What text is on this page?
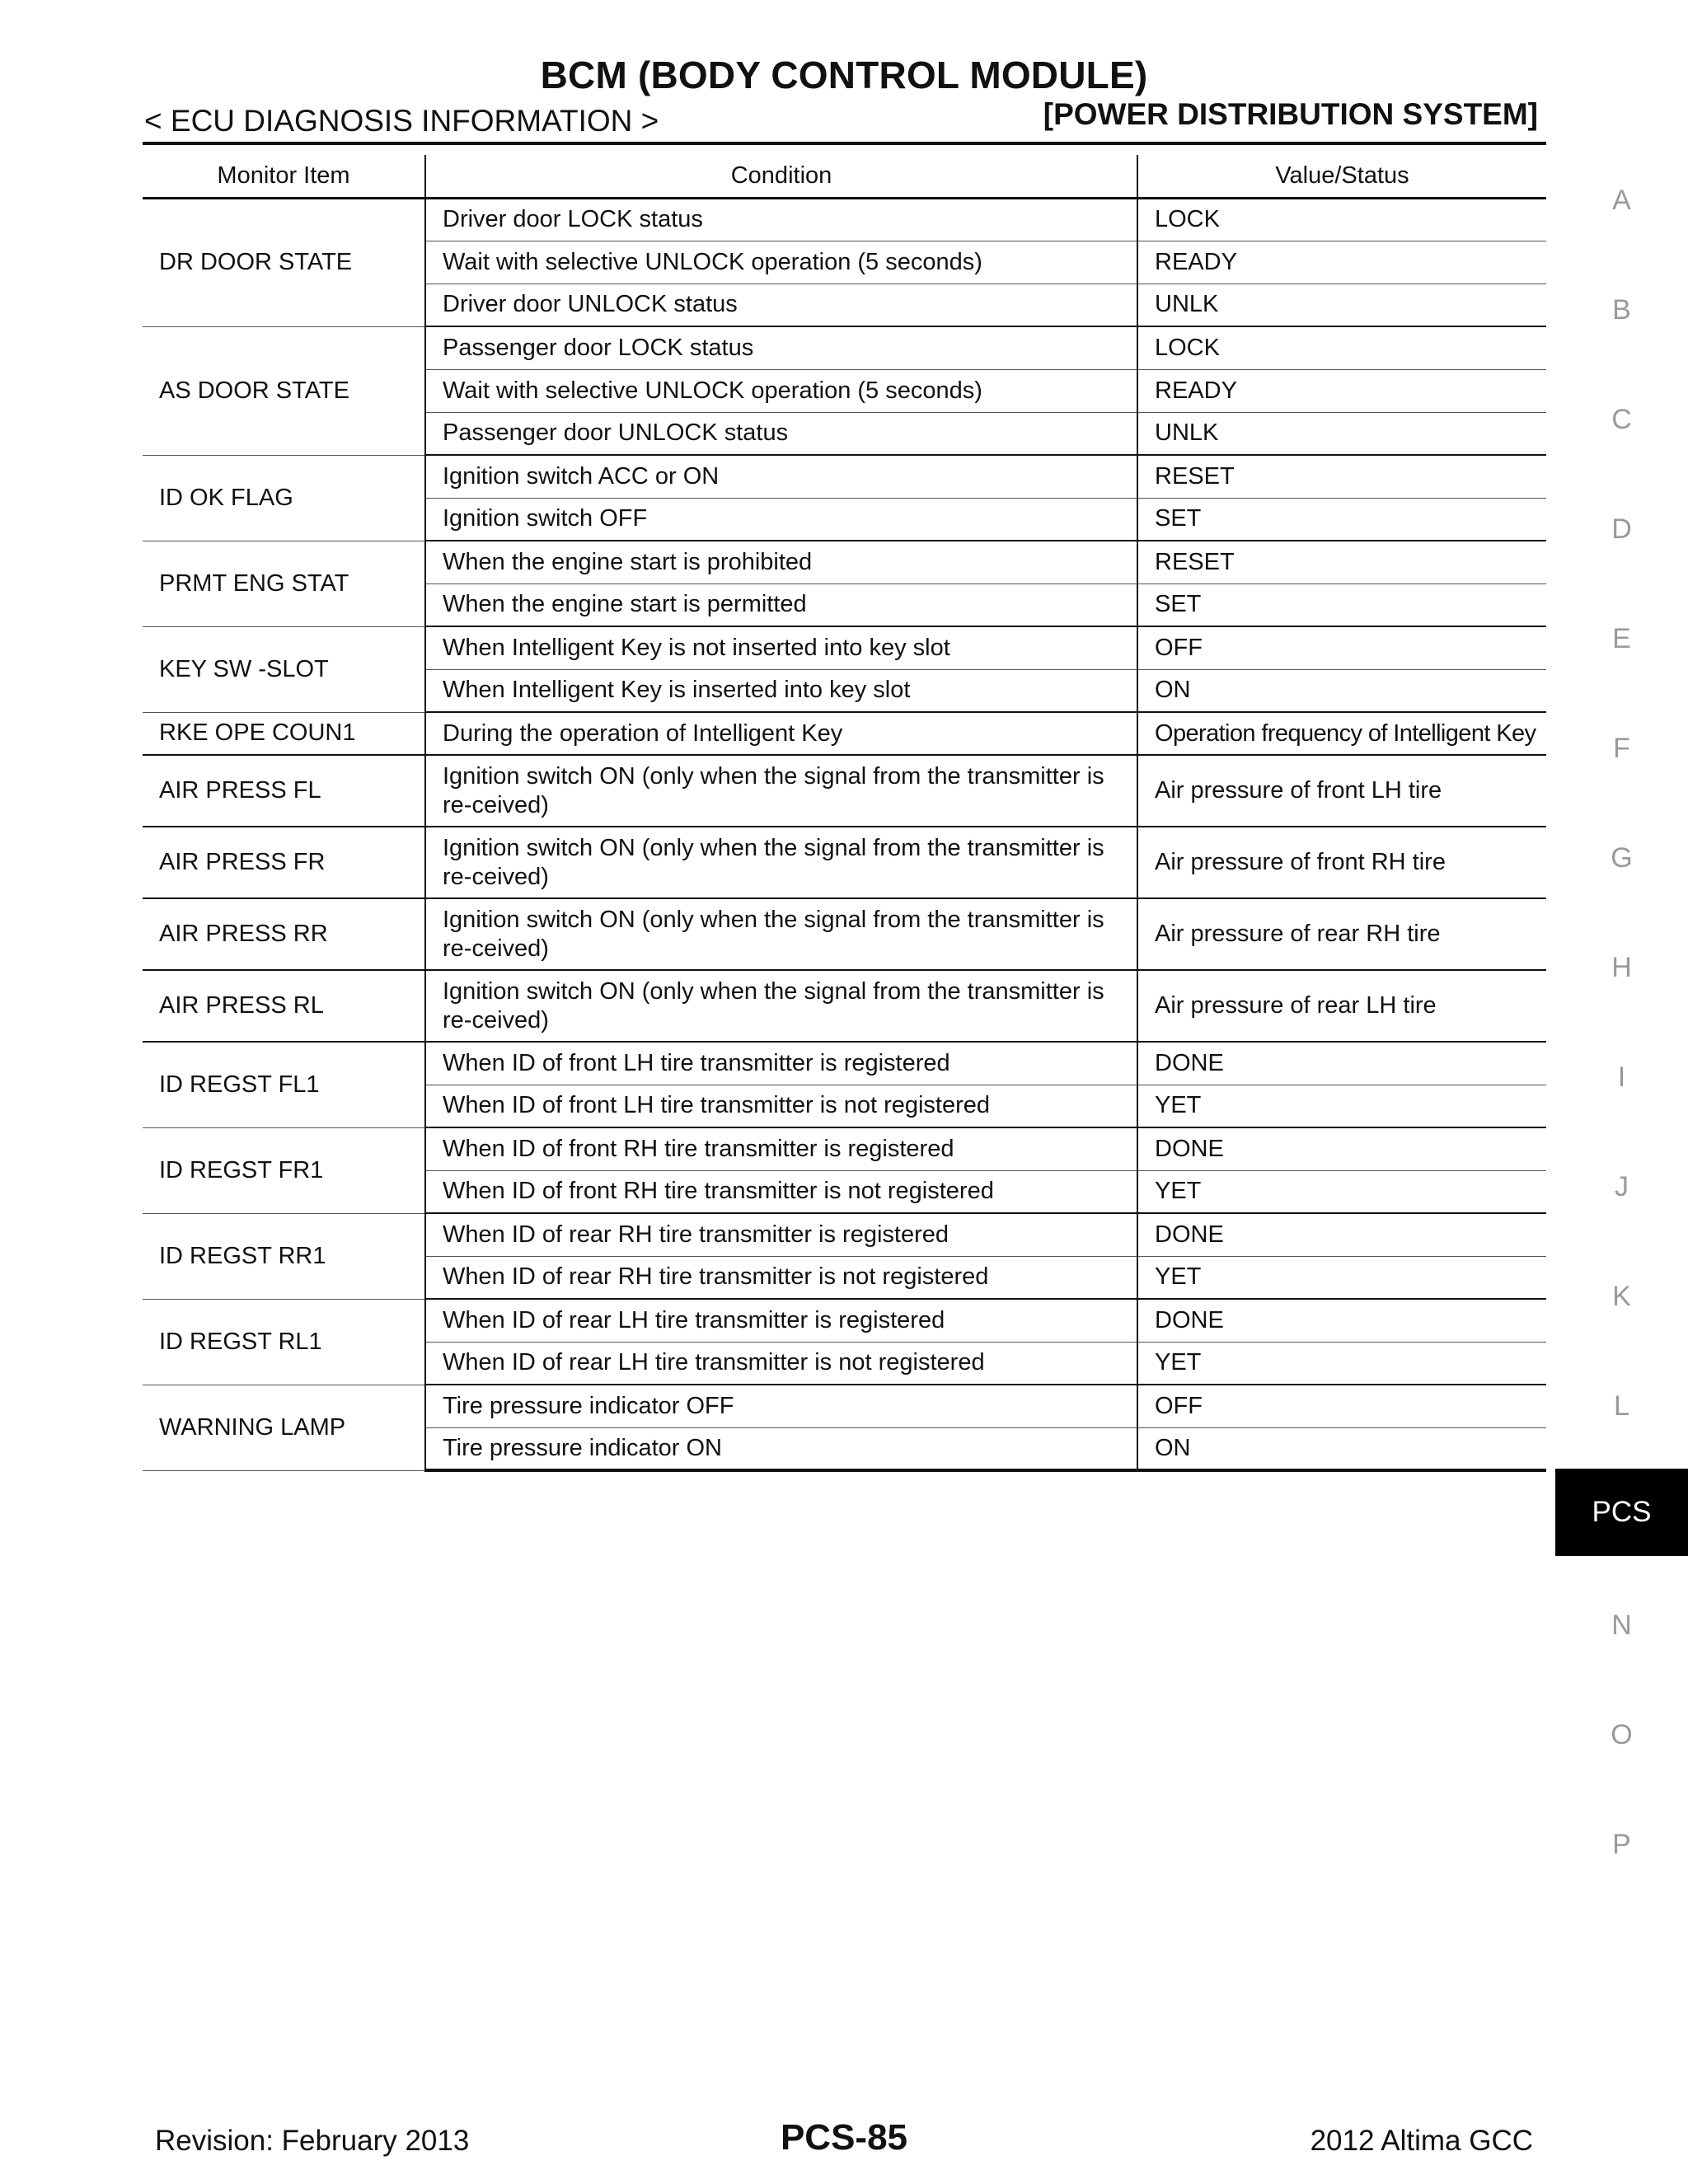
BCM (BODY CONTROL MODULE)
< ECU DIAGNOSIS INFORMATION >	[POWER DISTRIBUTION SYSTEM]
Monitor Item	Condition	Value/Status
DR DOOR STATE	Driver door LOCK status	LOCK
	Wait with selective UNLOCK operation (5 seconds)	READY
	Driver door UNLOCK status	UNLK
AS DOOR STATE	Passenger door LOCK status	LOCK
	Wait with selective UNLOCK operation (5 seconds)	READY
	Passenger door UNLOCK status	UNLK
ID OK FLAG	Ignition switch ACC or ON	RESET
	Ignition switch OFF	SET
PRMT ENG STAT	When the engine start is prohibited	RESET
	When the engine start is permitted	SET
KEY SW -SLOT	When Intelligent Key is not inserted into key slot	OFF
	When Intelligent Key is inserted into key slot	ON
RKE OPE COUN1	During the operation of Intelligent Key	Operation frequency of Intelligent Key
AIR PRESS FL	Ignition switch ON (only when the signal from the transmitter is re-ceived)	Air pressure of front LH tire
AIR PRESS FR	Ignition switch ON (only when the signal from the transmitter is re-ceived)	Air pressure of front RH tire
AIR PRESS RR	Ignition switch ON (only when the signal from the transmitter is re-ceived)	Air pressure of rear RH tire
AIR PRESS RL	Ignition switch ON (only when the signal from the transmitter is re-ceived)	Air pressure of rear LH tire
ID REGST FL1	When ID of front LH tire transmitter is registered	DONE
	When ID of front LH tire transmitter is not registered	YET
ID REGST FR1	When ID of front RH tire transmitter is registered	DONE
	When ID of front RH tire transmitter is not registered	YET
ID REGST RR1	When ID of rear RH tire transmitter is registered	DONE
	When ID of rear RH tire transmitter is not registered	YET
ID REGST RL1	When ID of rear LH tire transmitter is registered	DONE
	When ID of rear LH tire transmitter is not registered	YET
WARNING LAMP	Tire pressure indicator OFF	OFF
	Tire pressure indicator ON	ON
A
B
C
D
E
F
G
H
I
J
K
L
PCS
N
O
P
Revision: February 2013	PCS-85	2012 Altima GCC
